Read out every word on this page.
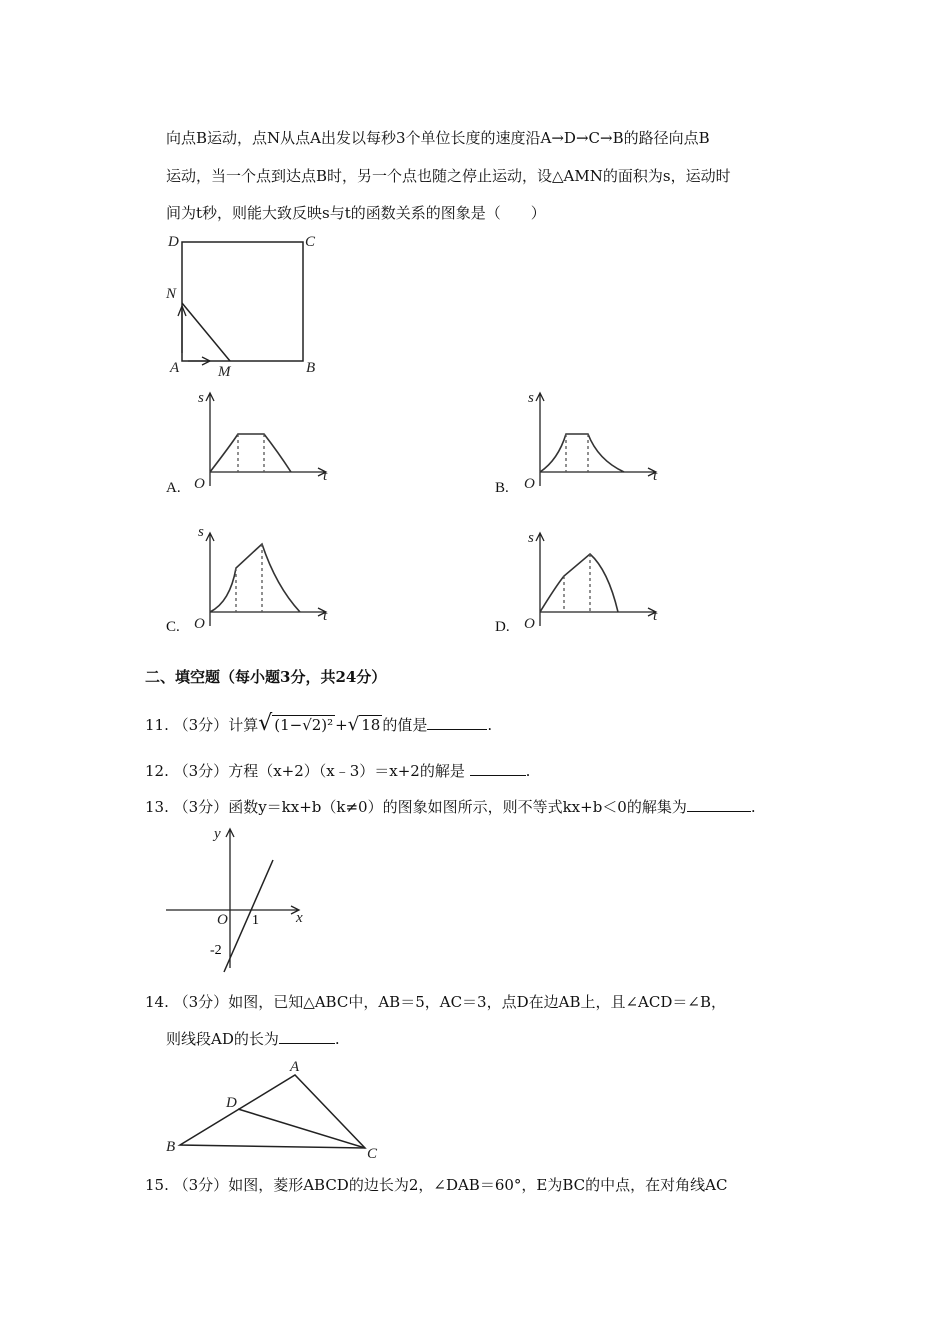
向点B运动，点N从点A出发以每秒3个单位长度的速度沿A→D→C→B的路径向点B
运动，当一个点到达点B时，另一个点也随之停止运动，设△AMN的面积为s，运动时
间为t秒，则能大致反映s与t的函数关系的图象是（　　）
D	C
N
A	M	B
s
t
O
A.
s
t
O
B.
s
t
O
C.
s
t
O
D.
二、填空题（每小题3分，共24分）
11. （3分）计算√ (1−√2)² +√ 18 的值是	.
12. （3分）方程（x+2）（x﹣3）＝x+2的解是	.
13. （3分）函数y＝kx+b（k≠0）的图象如图所示，则不等式kx+b＜0的解集为	.
y
x
O 1
-2
14. （3分）如图，已知△ABC中，AB＝5，AC＝3，点D在边AB上，且∠ACD＝∠B，
则线段AD的长为	.
A
B	C
D
15. （3分）如图，菱形ABCD的边长为2，∠DAB＝60°，E为BC的中点，在对角线AC
